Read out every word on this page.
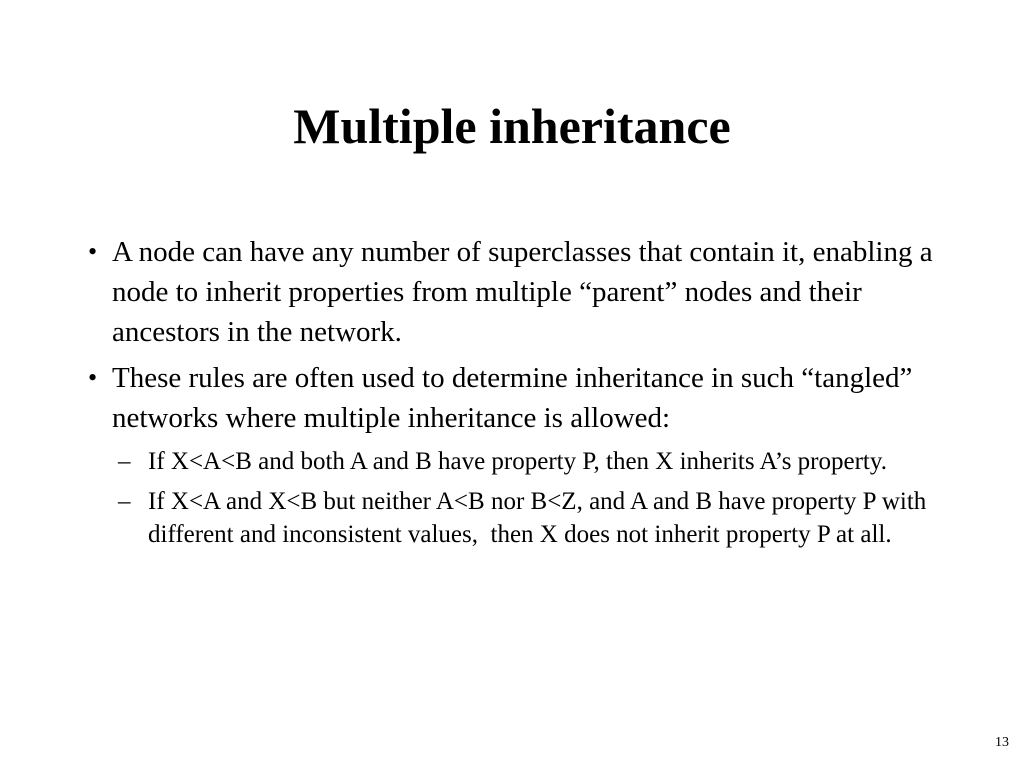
Multiple inheritance
• A node can have any number of superclasses that contain it, enabling a node to inherit properties from multiple “parent” nodes and their ancestors in the network.
• These rules are often used to determine inheritance in such “tangled” networks where multiple inheritance is allowed:
– If X<A<B and both A and B have property P, then X inherits A’s property.
– If X<A and X<B but neither A<B nor B<Z, and A and B have property P with different and inconsistent values,  then X does not inherit property P at all.
13
